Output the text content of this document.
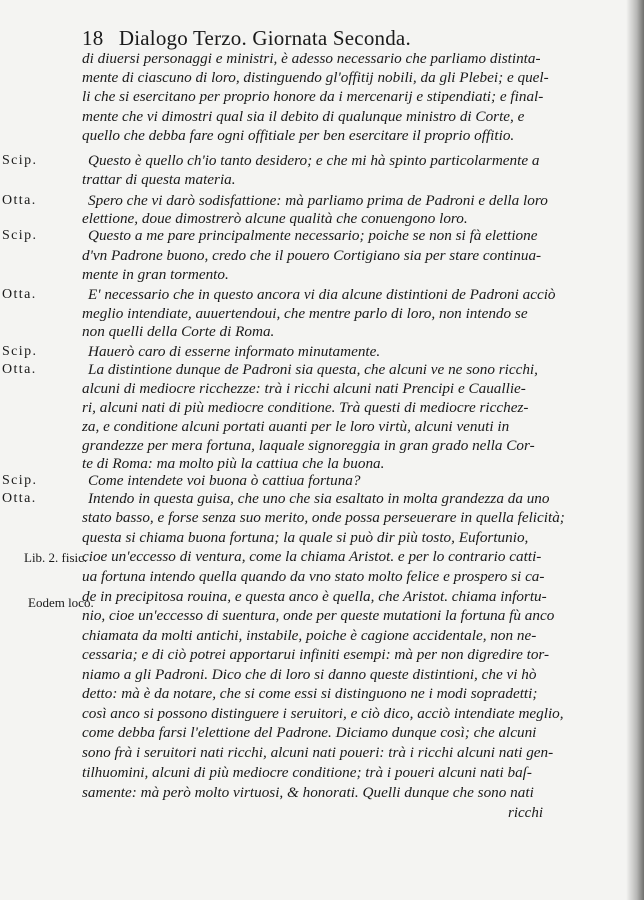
18 Dialogo Terzo. Giornata Seconda.
Scip.
Otta.
Scip.
Otta.
Scip.
Otta.
Scip.
Otta.
Lib. 2. fisic.
Eodem loco.
di diuersi personaggi e ministri, è adesso necessario che parliamo distinta-
mente di ciascuno di loro, distinguendo gl'offitij nobili, da gli Plebei; e quel-
li che si esercitano per proprio honore da i mercenarij e stipendiati; e final-
mente che vi dimostri qual sia il debito di qualunque ministro di Corte, e
quello che debba fare ogni offitiale per ben esercitare il proprio offitio.
Questo è quello ch'io tanto desidero; e che mi hà spinto particolarmente a
trattar di questa materia.
Spero che vi darò sodisfattione: mà parliamo prima de Padroni e della loro
elettione, doue dimostrerò alcune qualità che conuengono loro.
Questo a me pare principalmente necessario; poiche se non si fà elettione
d'vn Padrone buono, credo che il pouero Cortigiano sia per stare continua-
mente in gran tormento.
E' necessario che in questo ancora vi dia alcune distintioni de Padroni acciò
meglio intendiate, auuertendoui, che mentre parlo di loro, non intendo se
non quelli della Corte di Roma.
Hauerò caro di esserne informato minutamente.
La distintione dunque de Padroni sia questa, che alcuni ve ne sono ricchi,
alcuni di mediocre ricchezze: trà i ricchi alcuni nati Prencipi e Caualliе-
ri, alcuni nati di più mediocre conditione. Trà questi di mediocre ricchez-
za, e conditione alcuni portati auanti per le loro virtù, alcuni venuti in
grandezze per mera fortuna, laquale signoreggia in gran grado nella Cor-
te di Roma: ma molto più la cattiua che la buona.
Come intendete voi buona ò cattiua fortuna?
Intendo in questa guisa, che uno che sia esaltato in molta grandezza da uno
stato basso, e forse senza suo merito, onde possa perseuerare in quella felicità;
questa si chiama buona fortuna; la quale si può dir più tosto, Eufortunio,
cioe un'eccesso di ventura, come la chiama Aristot. e per lo contrario catti-
ua fortuna intendo quella quando da vno stato molto felice e prospero si ca-
de in precipitosa rouina, e questa anco è quella, che Aristot. chiama infortu-
nio, cioe un'eccesso di suentura, onde per queste mutationi la fortuna fù anco
chiamata da molti antichi, instabile, poiche è cagione accidentale, non ne-
cessaria; e di ciò potrei apportarui infiniti esempi: mà per non digredire tor-
niamo a gli Padroni. Dico che di loro si danno queste distintioni, che vi hò
detto: mà è da notare, che si come essi si distinguono ne i modi sopradetti;
così anco si possono distinguere i seruitori, e ciò dico, acciò intendiate meglio,
come debba farsi l'elettione del Padrone. Diciamo dunque così; che alcuni
sono frà i seruitori nati ricchi, alcuni nati poueri: trà i ricchi alcuni nati gen-
tilhuomini, alcuni di più mediocre conditione; trà i poueri alcuni nati baſ-
samente: mà però molto virtuosi, & honorati. Quelli dunque che sono nati
ricchi
